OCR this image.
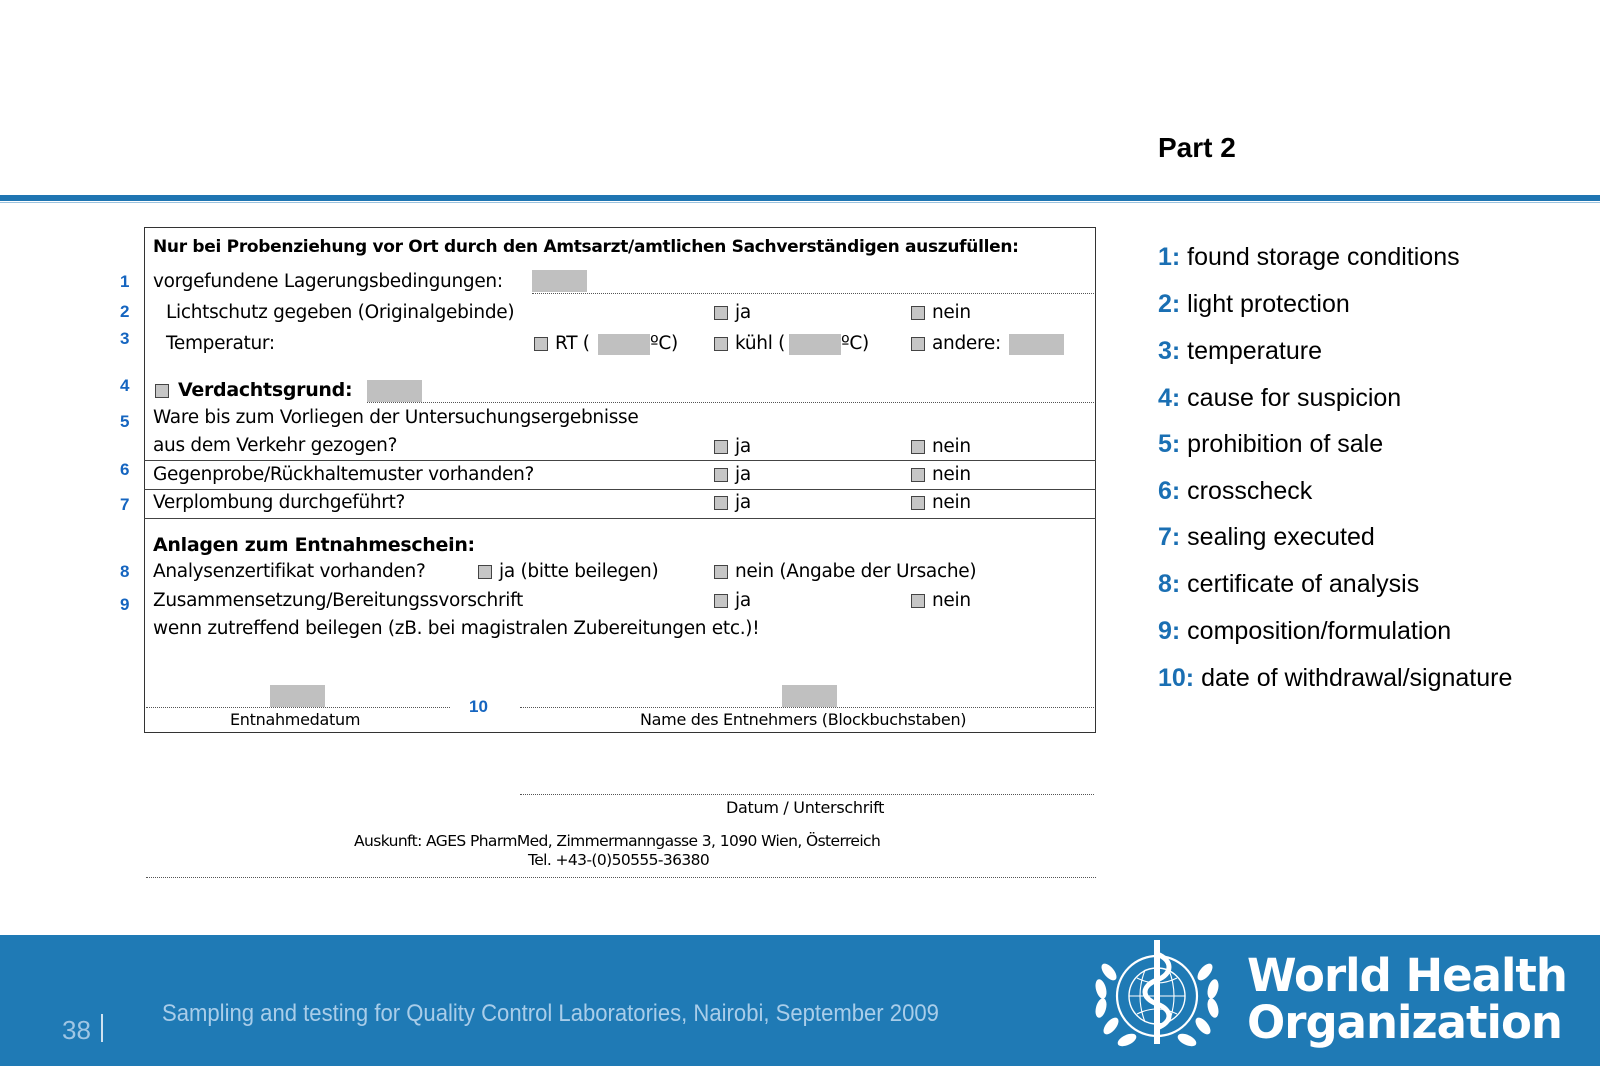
Part 2
Nur bei Probenziehung vor Ort durch den Amtsarzt/amtlichen Sachverständigen auszufüllen:
1 vorgefundene Lagerungsbedingungen:
2 Lichtschutz gegeben (Originalgebinde)	ja	nein
3 Temperatur:	RT (	ºC)	kühl (	ºC)	andere:
4	Verdachtsgrund:
5 Ware bis zum Vorliegen der Untersuchungsergebnisse
aus dem Verkehr gezogen?	ja	nein
6 Gegenprobe/Rückhaltemuster vorhanden?	ja	nein
7 Verplombung durchgeführt?	ja	nein
Anlagen zum Entnahmeschein:
8 Analysenzertifikat vorhanden?	ja (bitte beilegen)	nein (Angabe der Ursache)
9 Zusammensetzung/Bereitungssvorschrift	ja	nein
wenn zutreffend beilegen (zB. bei magistralen Zubereitungen etc.)!
10
Entnahmedatum	Name des Entnehmers (Blockbuchstaben)
Datum / Unterschrift
Auskunft: AGES PharmMed, Zimmermanngasse 3, 1090 Wien, Österreich
Tel. +43-(0)50555-36380
1: found storage conditions
2: light protection
3: temperature
4: cause for suspicion
5: prohibition of sale
6: crosscheck
7: sealing executed
8: certificate of analysis
9: composition/formulation
10: date of withdrawal/signature
38
Sampling and testing for Quality Control Laboratories, Nairobi, September 2009
World Health
Organization
